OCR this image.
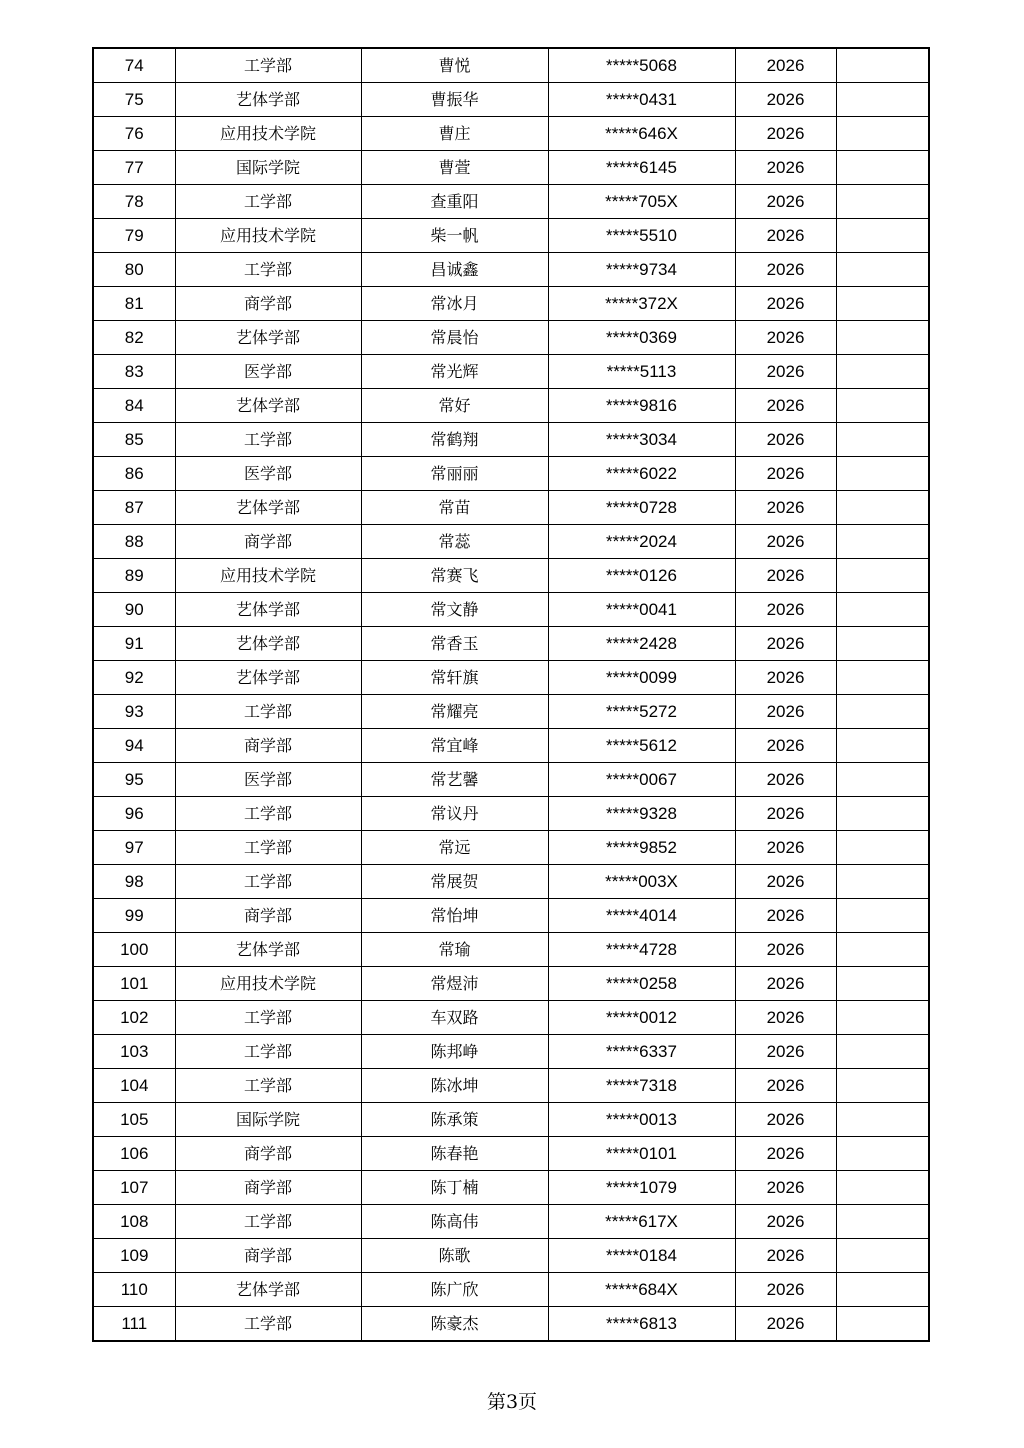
74	工学部	曹悦	*****5068	2026	
75	艺体学部	曹振华	*****0431	2026	
76	应用技术学院	曹庄	*****646X	2026	
77	国际学院	曹萱	*****6145	2026	
78	工学部	查重阳	*****705X	2026	
79	应用技术学院	柴一帆	*****5510	2026	
80	工学部	昌诚鑫	*****9734	2026	
81	商学部	常冰月	*****372X	2026	
82	艺体学部	常晨怡	*****0369	2026	
83	医学部	常光辉	*****5113	2026	
84	艺体学部	常好	*****9816	2026	
85	工学部	常鹤翔	*****3034	2026	
86	医学部	常丽丽	*****6022	2026	
87	艺体学部	常苗	*****0728	2026	
88	商学部	常蕊	*****2024	2026	
89	应用技术学院	常赛飞	*****0126	2026	
90	艺体学部	常文静	*****0041	2026	
91	艺体学部	常香玉	*****2428	2026	
92	艺体学部	常轩旗	*****0099	2026	
93	工学部	常耀亮	*****5272	2026	
94	商学部	常宜峰	*****5612	2026	
95	医学部	常艺馨	*****0067	2026	
96	工学部	常议丹	*****9328	2026	
97	工学部	常远	*****9852	2026	
98	工学部	常展贺	*****003X	2026	
99	商学部	常怡坤	*****4014	2026	
100	艺体学部	常瑜	*****4728	2026	
101	应用技术学院	常煜沛	*****0258	2026	
102	工学部	车双路	*****0012	2026	
103	工学部	陈邦峥	*****6337	2026	
104	工学部	陈冰坤	*****7318	2026	
105	国际学院	陈承策	*****0013	2026	
106	商学部	陈春艳	*****0101	2026	
107	商学部	陈丁楠	*****1079	2026	
108	工学部	陈高伟	*****617X	2026	
109	商学部	陈歌	*****0184	2026	
110	艺体学部	陈广欣	*****684X	2026	
111	工学部	陈豪杰	*****6813	2026	
第3页
